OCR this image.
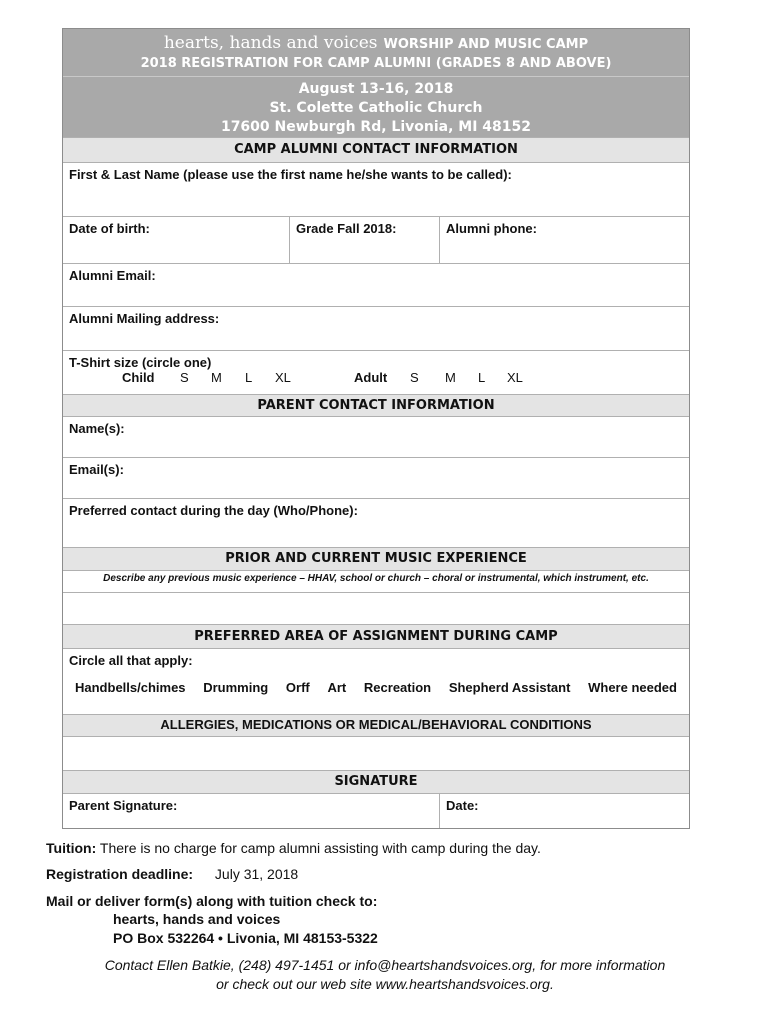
hearts, hands and voices WORSHIP AND MUSIC CAMP
2018 REGISTRATION FOR CAMP ALUMNI (GRADES 8 AND ABOVE)
August 13-16, 2018
St. Colette Catholic Church
17600 Newburgh Rd, Livonia, MI 48152
CAMP ALUMNI CONTACT INFORMATION
First & Last Name (please use the first name he/she wants to be called):
Date of birth:	Grade Fall 2018:	Alumni phone:
Alumni Email:
Alumni Mailing address:
T-Shirt size (circle one)
Child	S	M	L	XL	Adult	S	M	L	XL
PARENT CONTACT INFORMATION
Name(s):
Email(s):
Preferred contact during the day (Who/Phone):
PRIOR AND CURRENT MUSIC EXPERIENCE
Describe any previous music experience – HHAV, school or church – choral or instrumental, which instrument, etc.
PREFERRED AREA OF ASSIGNMENT DURING CAMP
Circle all that apply:
Handbells/chimes Drumming Orff Art Recreation Shepherd Assistant Where needed
ALLERGIES, MEDICATIONS OR MEDICAL/BEHAVIORAL CONDITIONS
SIGNATURE
Parent Signature:	Date:
Tuition: There is no charge for camp alumni assisting with camp during the day.
Registration deadline: July 31, 2018
Mail or deliver form(s) along with tuition check to:
hearts, hands and voices
PO Box 532264 • Livonia, MI 48153-5322
Contact Ellen Batkie, (248) 497-1451 or info@heartshandsvoices.org, for more information
or check out our web site www.heartshandsvoices.org.
